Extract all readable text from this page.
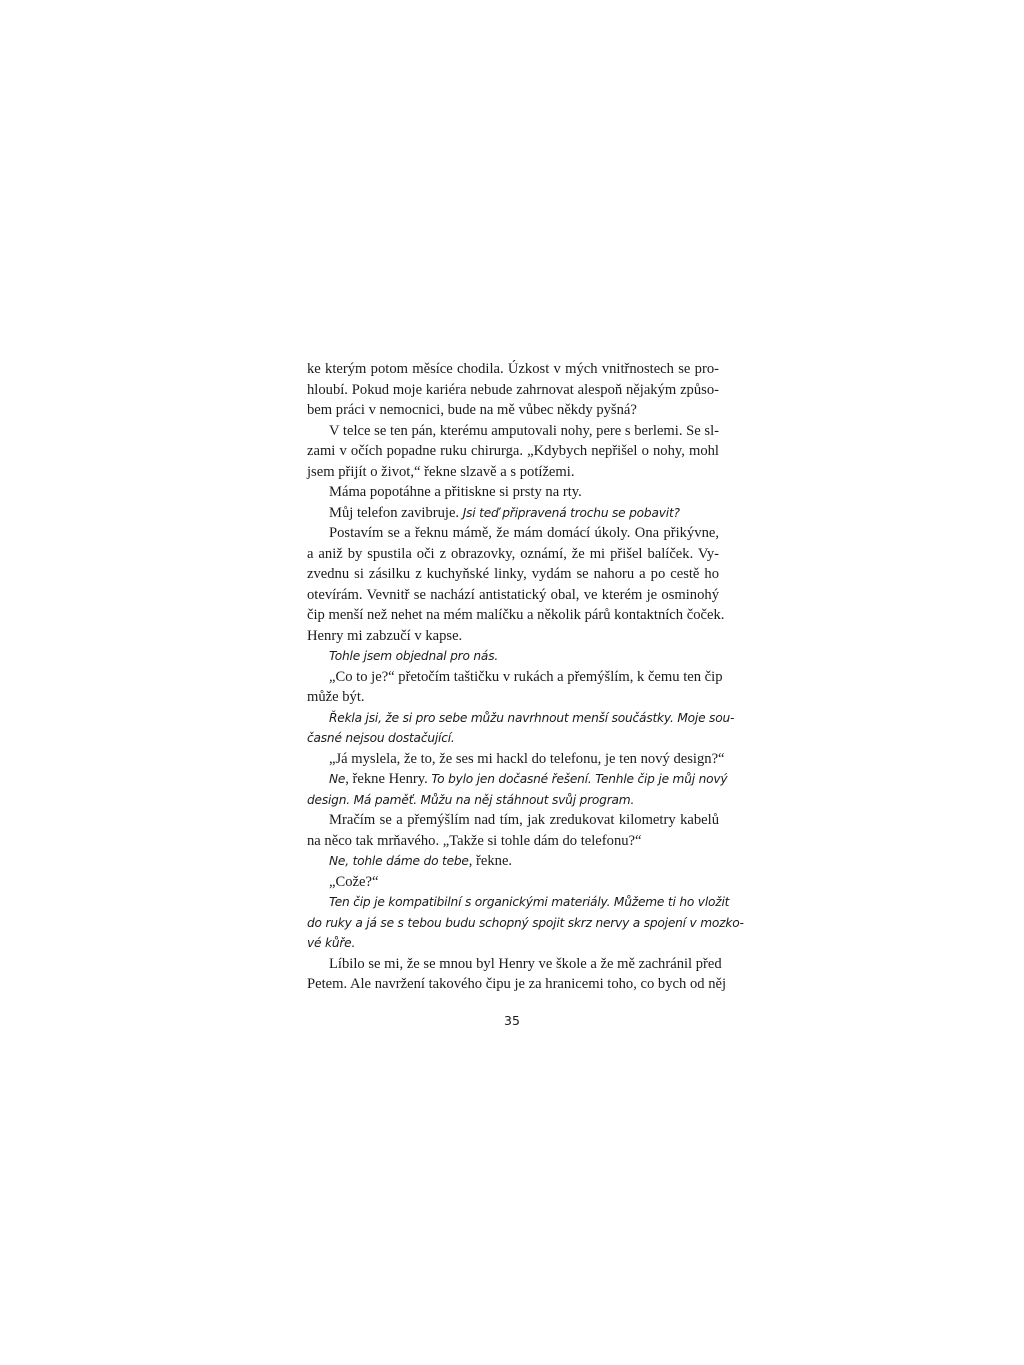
ke kterým potom měsíce chodila. Úzkost v mých vnitřnostech se pro-
hloubí. Pokud moje kariéra nebude zahrnovat alespoň nějakým způso-
bem práci v nemocnici, bude na mě vůbec někdy pyšná?
V telce se ten pán, kterému amputovali nohy, pere s berlemi. Se sl-
zami v očích popadne ruku chirurga. „Kdybych nepřišel o nohy, mohl
jsem přijít o život,“ řekne slzavě a s potížemi.
Máma popotáhne a přitiskne si prsty na rty.
Můj telefon zavibruje. Jsi teď připravená trochu se pobavit?
Postavím se a řeknu mámě, že mám domácí úkoly. Ona přikývne,
a aniž by spustila oči z obrazovky, oznámí, že mi přišel balíček. Vy-
zvednu si zásilku z kuchyňské linky, vydám se nahoru a po cestě ho
otevírám. Vevnitř se nachází antistatický obal, ve kterém je osminohý
čip menší než nehet na mém malíčku a několik párů kontaktních čoček.
Henry mi zabzučí v kapse.
Tohle jsem objednal pro nás.
„Co to je?“ přetočím taštičku v rukách a přemýšlím, k čemu ten čip
může být.
Řekla jsi, že si pro sebe můžu navrhnout menší součástky. Moje sou-
časné nejsou dostačující.
„Já myslela, že to, že ses mi hackl do telefonu, je ten nový design?“
Ne, řekne Henry. To bylo jen dočasné řešení. Tenhle čip je můj nový
design. Má paměť. Můžu na něj stáhnout svůj program.
Mračím se a přemýšlím nad tím, jak zredukovat kilometry kabelů
na něco tak mrňavého. „Takže si tohle dám do telefonu?“
Ne, tohle dáme do tebe, řekne.
„Cože?“
Ten čip je kompatibilní s organickými materiály. Můžeme ti ho vložit
do ruky a já se s tebou budu schopný spojit skrz nervy a spojení v mozko-
vé kůře.
Líbilo se mi, že se mnou byl Henry ve škole a že mě zachránil před
Petem. Ale navržení takového čipu je za hranicemi toho, co bych od něj
35
